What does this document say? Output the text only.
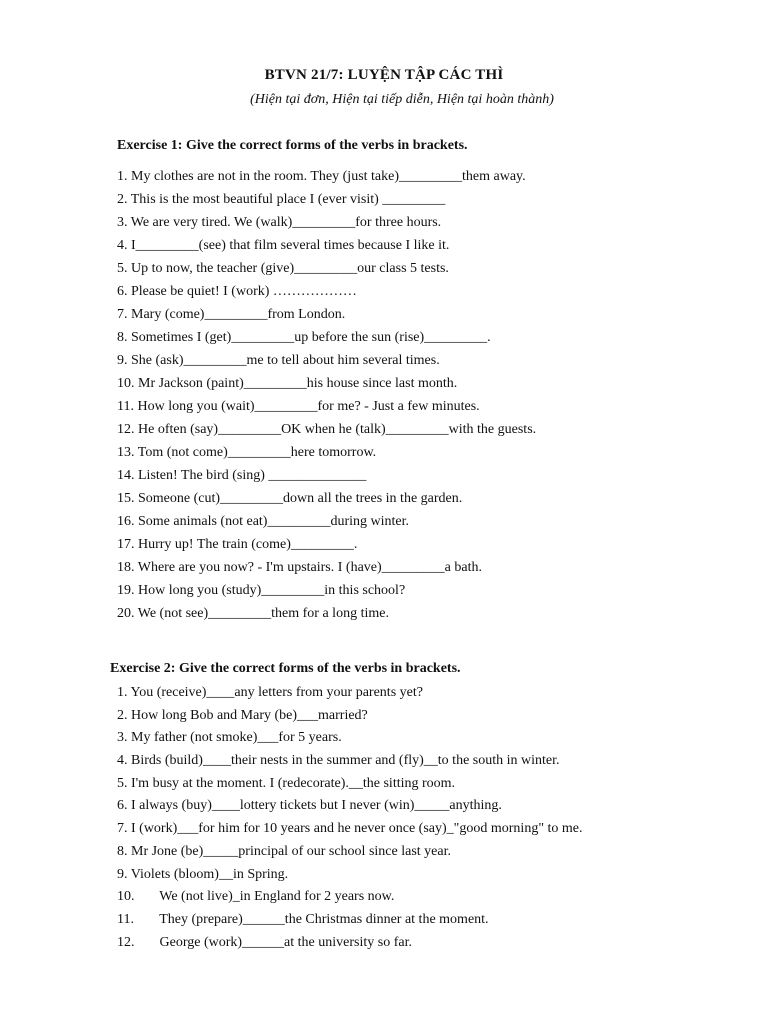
BTVN 21/7: LUYỆN TẬP CÁC THÌ
(Hiện tại đơn, Hiện tại tiếp diễn, Hiện tại hoàn thành)
Exercise 1: Give the correct forms of the verbs in brackets.
1. My clothes are not in the room. They (just take)_________them away.
2. This is the most beautiful place I (ever visit) _________
3. We are very tired. We (walk)_________for three hours.
4. I_________(see) that film several times because I like it.
5. Up to now, the teacher (give)_________our class 5 tests.
6. Please be quiet! I (work) ………………
7. Mary (come)_________from London.
8. Sometimes I (get)_________up before the sun (rise)_________.
9. She (ask)_________me to tell about him several times.
10. Mr Jackson (paint)_________his house since last month.
11. How long you (wait)_________for me? - Just a few minutes.
12. He often (say)_________OK when he (talk)_________with the guests.
13. Tom (not come)_________here tomorrow.
14. Listen! The bird (sing) ______________
15. Someone (cut)_________down all the trees in the garden.
16. Some animals (not eat)_________during winter.
17. Hurry up! The train (come)_________.
18. Where are you now? - I'm upstairs. I (have)_________a bath.
19. How long you (study)_________in this school?
20. We (not see)_________them for a long time.
Exercise 2: Give the correct forms of the verbs in brackets.
1. You (receive)____any letters from your parents yet?
2. How long Bob and Mary (be)___married?
3. My father (not smoke)___for 5 years.
4. Birds (build)____their nests in the summer and (fly)__to the south in winter.
5. I'm busy at the moment. I (redecorate).__the sitting room.
6. I always (buy)____lottery tickets but I never (win)_____anything.
7. I (work)___for him for 10 years and he never once (say)_"good morning" to me.
8. Mr Jone (be)_____principal of our school since last year.
9. Violets (bloom)__in Spring.
10. We (not live)_in England for 2 years now.
11. They (prepare)______the Christmas dinner at the moment.
12. George (work)______at the university so far.
